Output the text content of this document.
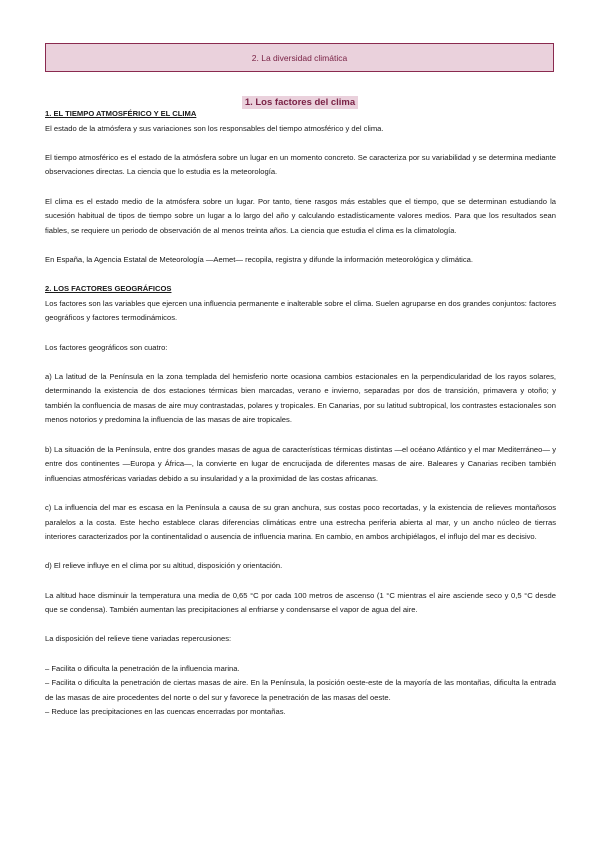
2. La diversidad climática
1. Los factores del clima
1. EL TIEMPO ATMOSFÉRICO Y EL CLIMA

El estado de la atmósfera y sus variaciones son los responsables del tiempo atmosférico y del clima.

El tiempo atmosférico es el estado de la atmósfera sobre un lugar en un momento concreto. Se caracteriza por su variabilidad y se determina mediante observaciones directas. La ciencia que lo estudia es la meteorología.

El clima es el estado medio de la atmósfera sobre un lugar. Por tanto, tiene rasgos más estables que el tiempo, que se determinan estudiando la sucesión habitual de tipos de tiempo sobre un lugar a lo largo del año y calculando estadísticamente valores medios. Para que los resultados sean fiables, se requiere un periodo de observación de al menos treinta años. La ciencia que estudia el clima es la climatología.

En España, la Agencia Estatal de Meteorología —Aemet— recopila, registra y difunde la información meteorológica y climática.

2. LOS FACTORES GEOGRÁFICOS

Los factores son las variables que ejercen una influencia permanente e inalterable sobre el clima. Suelen agruparse en dos grandes conjuntos: factores geográficos y factores termodinámicos.

Los factores geográficos son cuatro:

a) La latitud de la Península en la zona templada del hemisferio norte ocasiona cambios estacionales en la perpendicularidad de los rayos solares, determinando la existencia de dos estaciones térmicas bien marcadas, verano e invierno, separadas por dos de transición, primavera y otoño; y también la confluencia de masas de aire muy contrastadas, polares y tropicales. En Canarias, por su latitud subtropical, los contrastes estacionales son menos notorios y predomina la influencia de las masas de aire tropicales.

b) La situación de la Península, entre dos grandes masas de agua de características térmicas distintas —el océano Atlántico y el mar Mediterráneo— y entre dos continentes —Europa y África—, la convierte en lugar de encrucijada de diferentes masas de aire. Baleares y Canarias reciben también influencias atmosféricas variadas debido a su insularidad y a la proximidad de las costas africanas.

c) La influencia del mar es escasa en la Península a causa de su gran anchura, sus costas poco recortadas, y la existencia de relieves montañosos paralelos a la costa. Este hecho establece claras diferencias climáticas entre una estrecha periferia abierta al mar, y un ancho núcleo de tierras interiores caracterizados por la continentalidad o ausencia de influencia marina. En cambio, en ambos archipiélagos, el influjo del mar es decisivo.

d) El relieve influye en el clima por su altitud, disposición y orientación.

La altitud hace disminuir la temperatura una media de 0,65 °C por cada 100 metros de ascenso (1 °C mientras el aire asciende seco y 0,5 °C desde que se condensa). También aumentan las precipitaciones al enfriarse y condensarse el vapor de agua del aire.

La disposición del relieve tiene variadas repercusiones:

– Facilita o dificulta la penetración de la influencia marina.

– Facilita o dificulta la penetración de ciertas masas de aire. En la Península, la posición oeste-este de la mayoría de las montañas, dificulta la entrada de las masas de aire procedentes del norte o del sur y favorece la penetración de las masas del oeste.

– Reduce las precipitaciones en las cuencas encerradas por montañas.
